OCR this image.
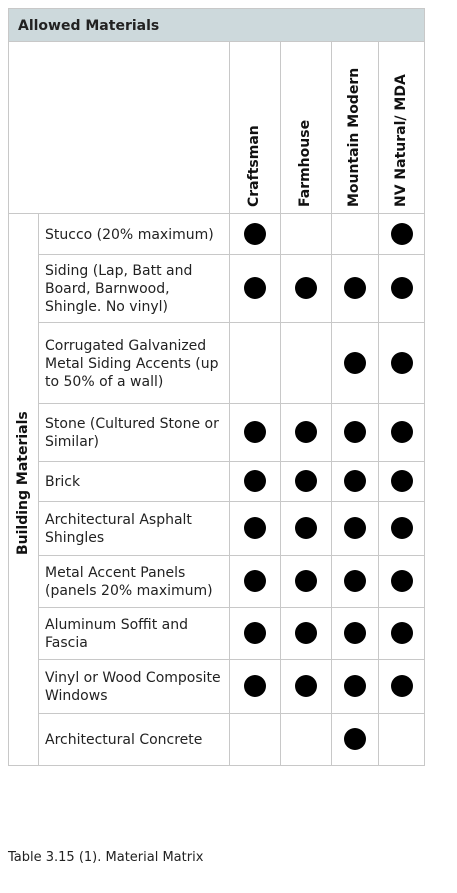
Allowed Materials
Craftsman	Farmhouse Mountain Modern NV Natural/ MDA
Building Materials
Stucco (20% maximum)
Siding (Lap, Batt and Board, Barnwood, Shingle. No vinyl)
Corrugated Galvanized Metal Siding Accents (up to 50% of a wall)
Stone (Cultured Stone or Similar)
Brick
Architectural Asphalt Shingles
Metal Accent Panels (panels 20% maximum)
Aluminum Soffit and Fascia
Vinyl or Wood Composite Windows
Architectural Concrete
Table 3.15 (1). Material Matrix
